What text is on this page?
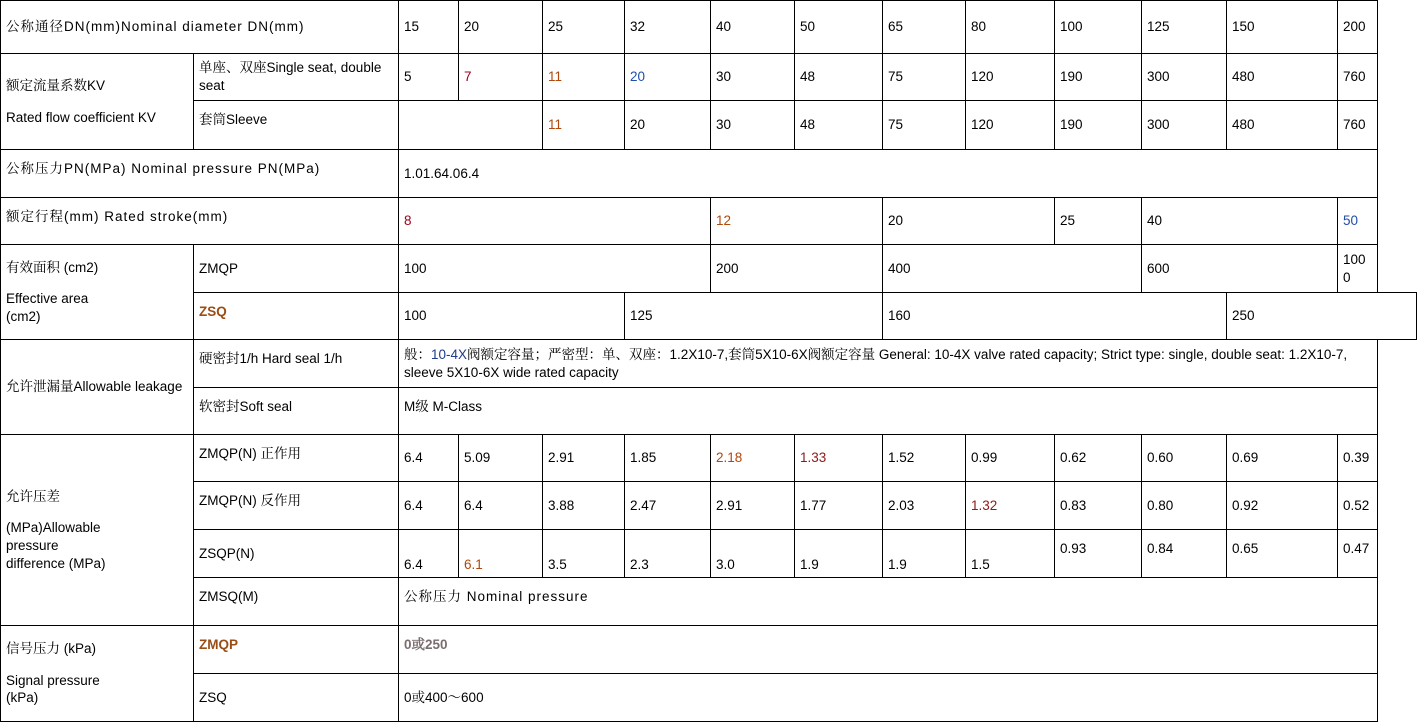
公称通径DN(mm)Nominal diameter DN(mm)		15	20	25	32	40	50	65	80	100	125	150	200

额定流量系数KV
Rated flow coefficient KV	单座、双座Single seat, double seat	5	7	11	20	30	48	75	120	190	300	480	760
	套筒Sleeve			11	20	30	48	75	120	190	300	480	760
公称压力PN(MPa) Nominal pressure PN(MPa)		1.01.64.06.4											
额定行程(mm) Rated stroke(mm)		8				12		20		25	40		50

有效面积 (cm2)
Effective area
(cm2)	ZMQP	100				200		400			600		1000
	ZSQ	100			125			160				250	
允许泄漏量Allowable leakage	硬密封1/h Hard seal 1/h	般：10-4X阀额定容量；严密型：单、双座：1.2X10-7,套筒5X10-6X阀额定容量 General: 10-4X valve rated capacity; Strict type: single, double seat: 1.2X10-7, sleeve 5X10-6X wide rated capacity											
	软密封Soft seal	M级 M-Class											

允许压差
(MPa)Allowable
pressure
difference (MPa)	ZMQP(N) 正作用	6.4	5.09	2.91	1.85	2.18	1.33	1.52	0.99	0.62	0.60	0.69	0.39
	ZMQP(N) 反作用	6.4	6.4	3.88	2.47	2.91	1.77	2.03	1.32	0.83	0.80	0.92	0.52
	ZSQP(N)	6.4	6.1	3.5	2.3	3.0	1.9	1.9	1.5	0.93	0.84	0.65	0.47
	ZMSQ(M)	公称压力 Nominal pressure											

信号压力 (kPa)
Signal pressure
(kPa)	ZMQP	0或250											
	ZSQ	0或400～600											
